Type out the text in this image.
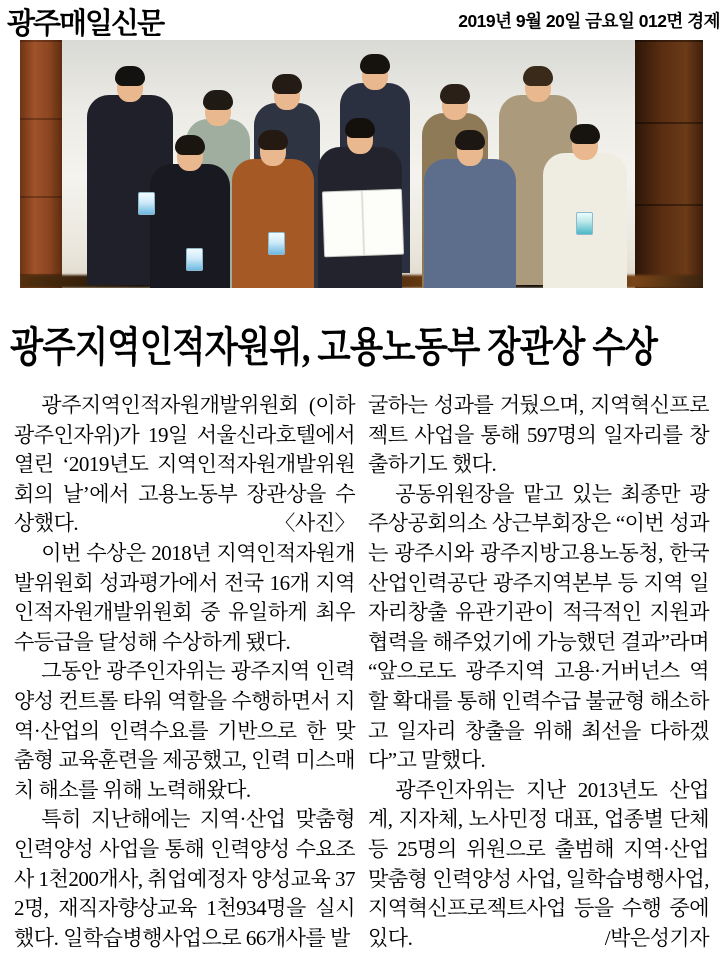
광주매일신문	2019년 9월 20일 금요일 012면 경제
광주지역인적자원위, 고용노동부 장관상 수상

광주지역인적자원개발위원회 (이하 광주인자위)가 19일 서울신라호텔에서 열린 ‘2019년도 지역인적자원개발위원회의 날’에서 고용노동부 장관상을 수상했다.	〈사진〉

이번 수상은 2018년 지역인적자원개발위원회 성과평가에서 전국 16개 지역 인적자원개발위원회 중 유일하게 최우수등급을 달성해 수상하게 됐다.

그동안 광주인자위는 광주지역 인력양성 컨트롤 타워 역할을 수행하면서 지역·산업의 인력수요를 기반으로 한 맞춤형 교육훈련을 제공했고, 인력 미스매치 해소를 위해 노력해왔다.

특히 지난해에는 지역·산업 맞춤형 인력양성 사업을 통해 인력양성 수요조사 1천200개사, 취업예정자 양성교육 372명, 재직자향상교육 1천934명을 실시했다. 일학습병행사업으로 66개사를 발

굴하는 성과를 거뒀으며, 지역혁신프로젝트 사업을 통해 597명의 일자리를 창출하기도 했다.

공동위원장을 맡고 있는 최종만 광주상공회의소 상근부회장은 “이번 성과는 광주시와 광주지방고용노동청, 한국산업인력공단 광주지역본부 등 지역 일자리창출 유관기관이 적극적인 지원과 협력을 해주었기에 가능했던 결과”라며 “앞으로도 광주지역 고용·거버넌스 역할 확대를 통해 인력수급 불균형 해소하고 일자리 창출을 위해 최선을 다하겠다”고 말했다.

광주인자위는 지난 2013년도 산업계, 지자체, 노사민정 대표, 업종별 단체 등 25명의 위원으로 출범해 지역·산업 맞춤형 인력양성 사업, 일학습병행사업, 지역혁신프로젝트사업 등을 수행 중에 있다.	/박은성기자
